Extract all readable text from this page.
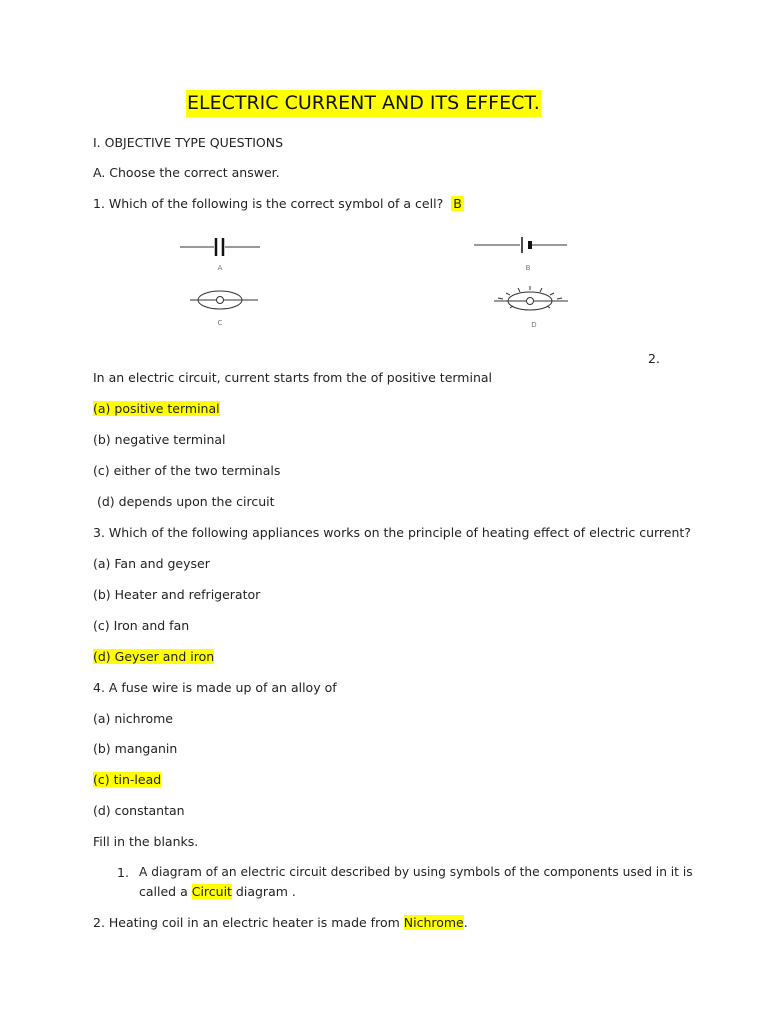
ELECTRIC CURRENT AND ITS EFFECT.
I. OBJECTIVE TYPE QUESTIONS
A. Choose the correct answer.
1. Which of the following is the correct symbol of a cell? B
A	B
C	D
2.
In an electric circuit, current starts from the of positive terminal
(a) positive terminal
(b) negative terminal
(c) either of the two terminals
(d) depends upon the circuit
3. Which of the following appliances works on the principle of heating effect of electric current?
(a) Fan and geyser
(b) Heater and refrigerator
(c) Iron and fan
(d) Geyser and iron
4. A fuse wire is made up of an alloy of
(a) nichrome
(b) manganin
(c) tin-lead
(d) constantan
Fill in the blanks.
1. A diagram of an electric circuit described by using symbols of the components used in it is
called a Circuit diagram .
2. Heating coil in an electric heater is made from Nichrome.
